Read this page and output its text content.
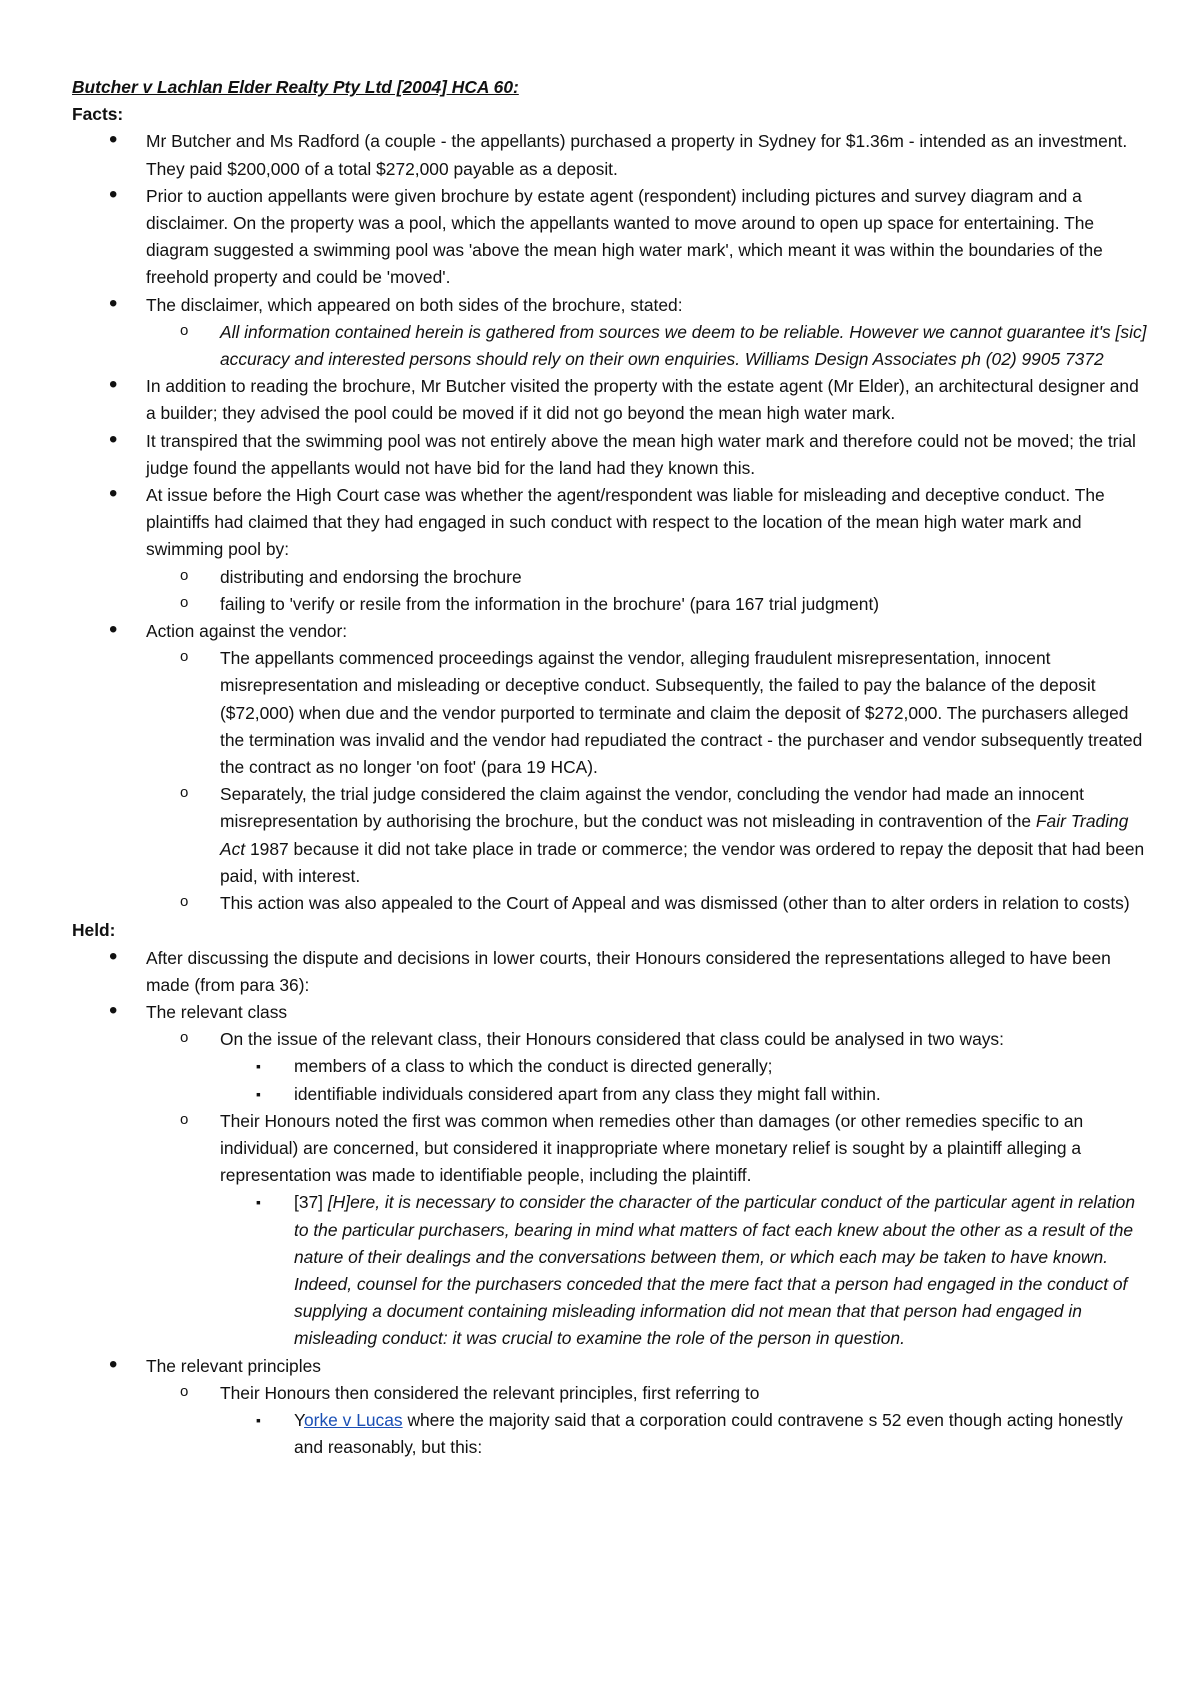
Butcher v Lachlan Elder Realty Pty Ltd [2004] HCA 60:

Facts:

• Mr Butcher and Ms Radford (a couple - the appellants) purchased a property in Sydney for $1.36m - intended as an investment. They paid $200,000 of a total $272,000 payable as a deposit.
• Prior to auction appellants were given brochure by estate agent (respondent) including pictures and survey diagram and a disclaimer. On the property was a pool, which the appellants wanted to move around to open up space for entertaining. The diagram suggested a swimming pool was 'above the mean high water mark', which meant it was within the boundaries of the freehold property and could be 'moved'.
• The disclaimer, which appeared on both sides of the brochure, stated:
o All information contained herein is gathered from sources we deem to be reliable. However we cannot guarantee it's [sic] accuracy and interested persons should rely on their own enquiries. Williams Design Associates ph (02) 9905 7372
• In addition to reading the brochure, Mr Butcher visited the property with the estate agent (Mr Elder), an architectural designer and a builder; they advised the pool could be moved if it did not go beyond the mean high water mark.
• It transpired that the swimming pool was not entirely above the mean high water mark and therefore could not be moved; the trial judge found the appellants would not have bid for the land had they known this.
• At issue before the High Court case was whether the agent/respondent was liable for misleading and deceptive conduct. The plaintiffs had claimed that they had engaged in such conduct with respect to the location of the mean high water mark and swimming pool by:
o distributing and endorsing the brochure
o failing to 'verify or resile from the information in the brochure' (para 167 trial judgment)
• Action against the vendor:
o The appellants commenced proceedings against the vendor, alleging fraudulent misrepresentation, innocent misrepresentation and misleading or deceptive conduct. Subsequently, the failed to pay the balance of the deposit ($72,000) when due and the vendor purported to terminate and claim the deposit of $272,000. The purchasers alleged the termination was invalid and the vendor had repudiated the contract - the purchaser and vendor subsequently treated the contract as no longer 'on foot' (para 19 HCA).
o Separately, the trial judge considered the claim against the vendor, concluding the vendor had made an innocent misrepresentation by authorising the brochure, but the conduct was not misleading in contravention of the Fair Trading Act 1987 because it did not take place in trade or commerce; the vendor was ordered to repay the deposit that had been paid, with interest.
o This action was also appealed to the Court of Appeal and was dismissed (other than to alter orders in relation to costs)

Held:

• After discussing the dispute and decisions in lower courts, their Honours considered the representations alleged to have been made (from para 36):
• The relevant class
o On the issue of the relevant class, their Honours considered that class could be analysed in two ways:
▪ members of a class to which the conduct is directed generally;
▪ identifiable individuals considered apart from any class they might fall within.
o Their Honours noted the first was common when remedies other than damages (or other remedies specific to an individual) are concerned, but considered it inappropriate where monetary relief is sought by a plaintiff alleging a representation was made to identifiable people, including the plaintiff.
▪ [37] [H]ere, it is necessary to consider the character of the particular conduct of the particular agent in relation to the particular purchasers, bearing in mind what matters of fact each knew about the other as a result of the nature of their dealings and the conversations between them, or which each may be taken to have known. Indeed, counsel for the purchasers conceded that the mere fact that a person had engaged in the conduct of supplying a document containing misleading information did not mean that that person had engaged in misleading conduct: it was crucial to examine the role of the person in question.
• The relevant principles
o Their Honours then considered the relevant principles, first referring to
▪ Yorke v Lucas where the majority said that a corporation could contravene s 52 even though acting honestly and reasonably, but this:
